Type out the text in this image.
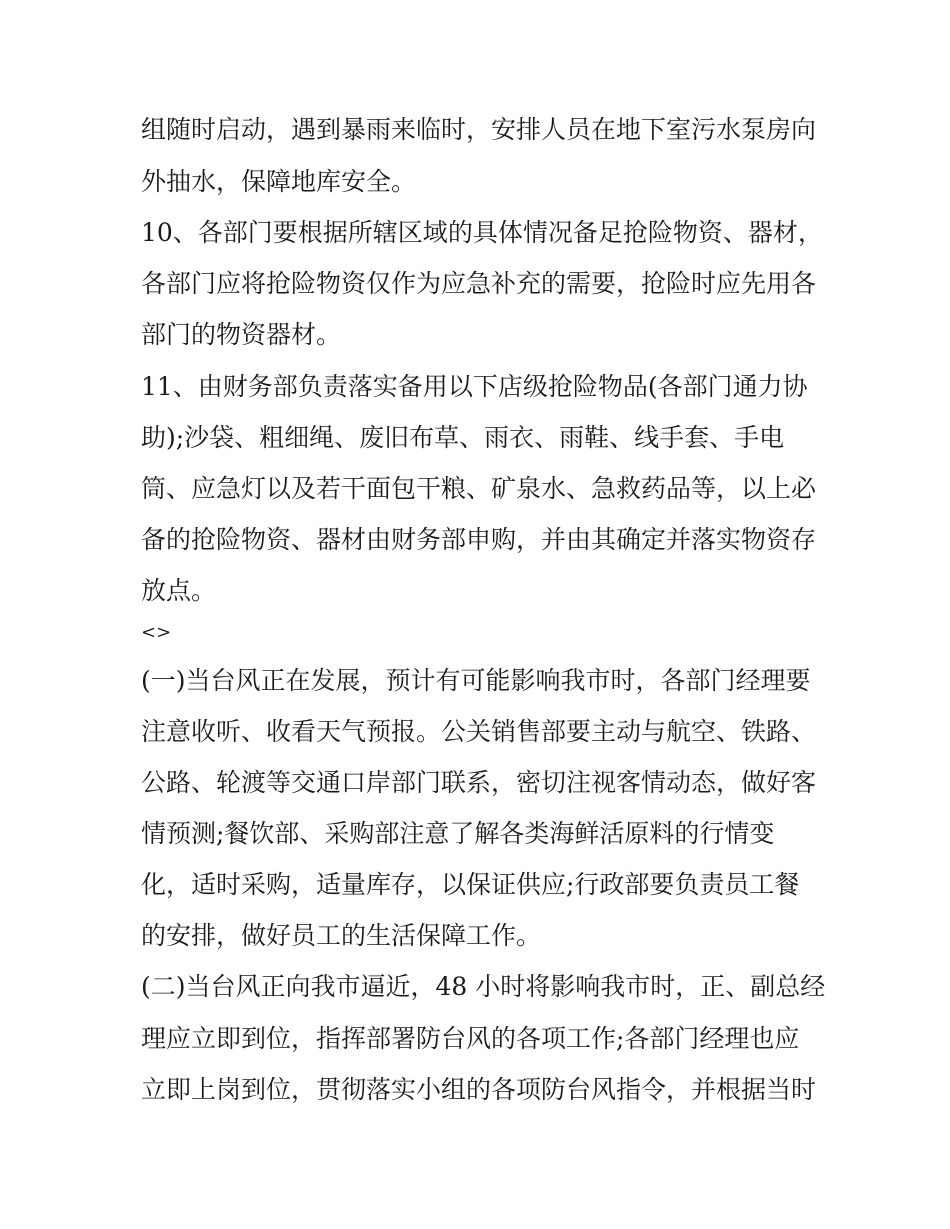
组随时启动，遇到暴雨来临时，安排人员在地下室污水泵房向
外抽水，保障地库安全。
10、各部门要根据所辖区域的具体情况备足抢险物资、器材，
各部门应将抢险物资仅作为应急补充的需要，抢险时应先用各
部门的物资器材。
11、由财务部负责落实备用以下店级抢险物品(各部门通力协
助);沙袋、粗细绳、废旧布草、雨衣、雨鞋、线手套、手电
筒、应急灯以及若干面包干粮、矿泉水、急救药品等，以上必
备的抢险物资、器材由财务部申购，并由其确定并落实物资存
放点。
<>
(一)当台风正在发展，预计有可能影响我市时，各部门经理要
注意收听、收看天气预报。公关销售部要主动与航空、铁路、
公路、轮渡等交通口岸部门联系，密切注视客情动态，做好客
情预测;餐饮部、采购部注意了解各类海鲜活原料的行情变
化，适时采购，适量库存，以保证供应;行政部要负责员工餐
的安排，做好员工的生活保障工作。
(二)当台风正向我市逼近，48 小时将影响我市时，正、副总经
理应立即到位，指挥部署防台风的各项工作;各部门经理也应
立即上岗到位，贯彻落实小组的各项防台风指令，并根据当时
